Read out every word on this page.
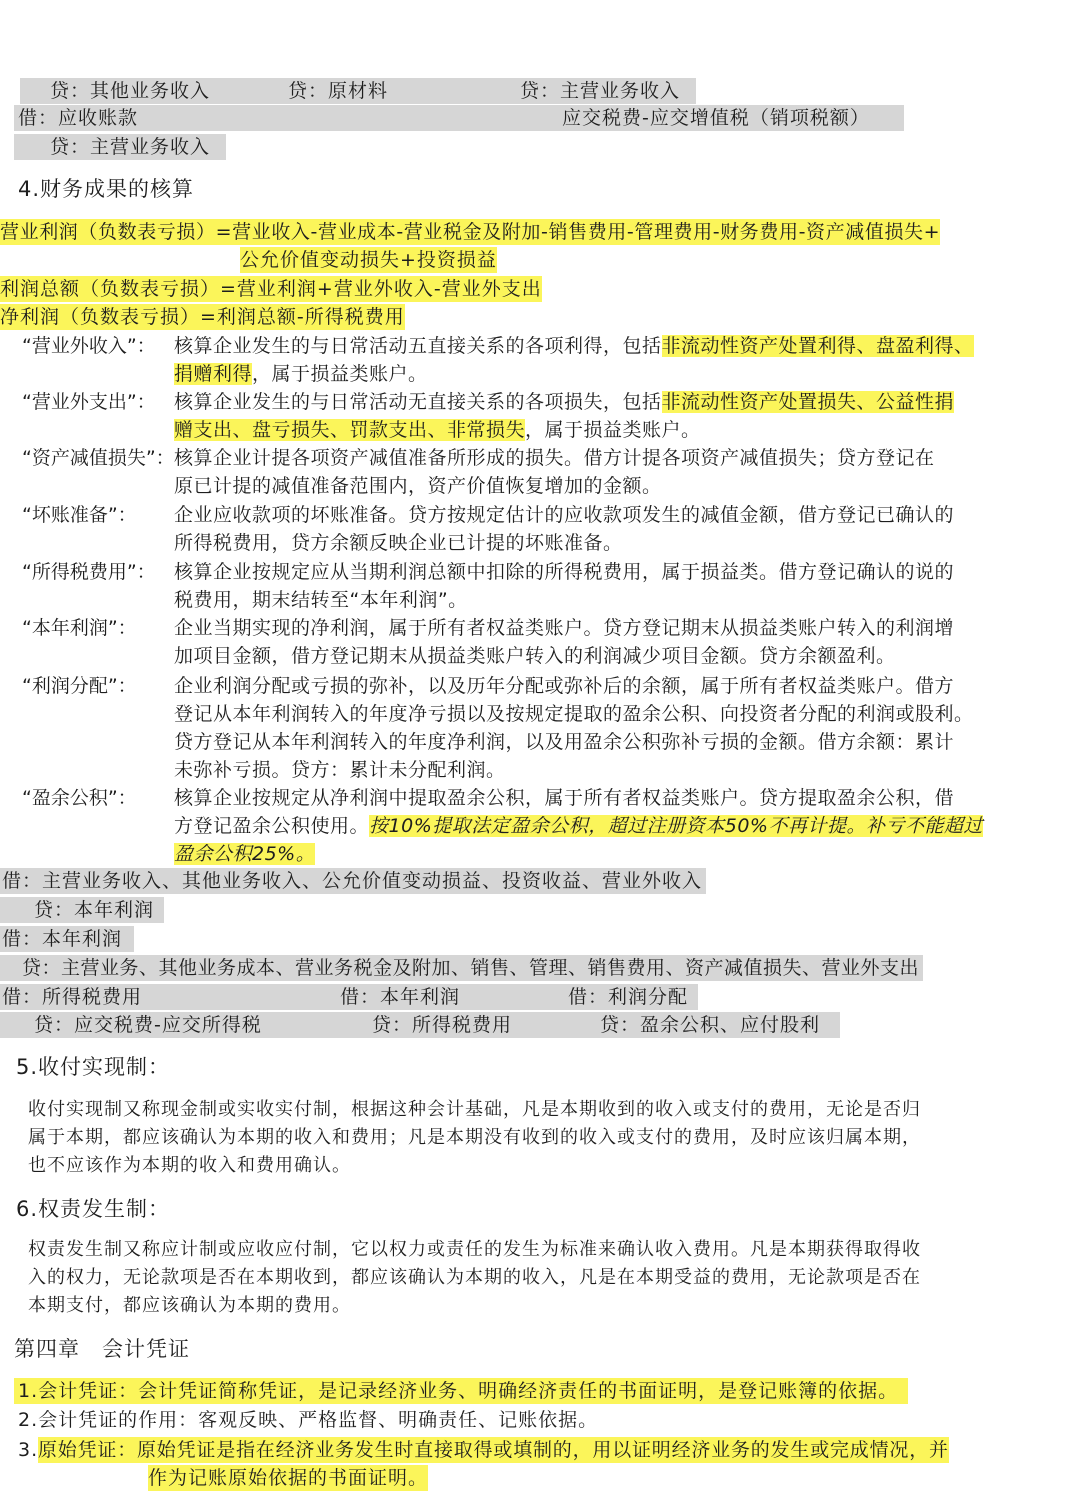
贷：其他业务收入	贷：原材料	贷：主营业务收入
借：应收账款	应交税费-应交增值税（销项税额）
贷：主营业务收入
4.财务成果的核算
营业利润（负数表亏损）=营业收入-营业成本-营业税金及附加-销售费用-管理费用-财务费用-资产减值损失+
公允价值变动损失+投资损益
利润总额（负数表亏损）=营业利润+营业外收入-营业外支出
净利润（负数表亏损）=利润总额-所得税费用
“营业外收入”： 核算企业发生的与日常活动五直接关系的各项利得，包括非流动性资产处置利得、盘盈利得、
捐赠利得，属于损益类账户。
“营业外支出”： 核算企业发生的与日常活动无直接关系的各项损失，包括非流动性资产处置损失、公益性捐
赠支出、盘亏损失、罚款支出、非常损失，属于损益类账户。
“资产减值损失”： 核算企业计提各项资产减值准备所形成的损失。借方计提各项资产减值损失；贷方登记在
原已计提的减值准备范围内，资产价值恢复增加的金额。
“坏账准备”： 企业应收款项的坏账准备。贷方按规定估计的应收款项发生的减值金额，借方登记已确认的
所得税费用，贷方余额反映企业已计提的坏账准备。
“所得税费用”： 核算企业按规定应从当期利润总额中扣除的所得税费用，属于损益类。借方登记确认的说的
税费用，期末结转至“本年利润”。
“本年利润”： 企业当期实现的净利润，属于所有者权益类账户。贷方登记期末从损益类账户转入的利润增
加项目金额，借方登记期末从损益类账户转入的利润减少项目金额。贷方余额盈利。
“利润分配”： 企业利润分配或亏损的弥补，以及历年分配或弥补后的余额，属于所有者权益类账户。借方
登记从本年利润转入的年度净亏损以及按规定提取的盈余公积、向投资者分配的利润或股利。
贷方登记从本年利润转入的年度净利润，以及用盈余公积弥补亏损的金额。借方余额：累计
未弥补亏损。贷方：累计未分配利润。
“盈余公积”： 核算企业按规定从净利润中提取盈余公积，属于所有者权益类账户。贷方提取盈余公积，借
方登记盈余公积使用。按10%提取法定盈余公积，超过注册资本50%不再计提。补亏不能超过
盈余公积25%。
借：主营业务收入、其他业务收入、公允价值变动损益、投资收益、营业外收入
贷：本年利润
借：本年利润
贷：主营业务、其他业务成本、营业务税金及附加、销售、管理、销售费用、资产减值损失、营业外支出
借：所得税费用	借：本年利润	借：利润分配
贷：应交税费-应交所得税	贷：所得税费用	贷：盈余公积、应付股利
5.收付实现制：
收付实现制又称现金制或实收实付制，根据这种会计基础，凡是本期收到的收入或支付的费用，无论是否归
属于本期，都应该确认为本期的收入和费用；凡是本期没有收到的收入或支付的费用，及时应该归属本期，
也不应该作为本期的收入和费用确认。
6.权责发生制：
权责发生制又称应计制或应收应付制，它以权力或责任的发生为标准来确认收入费用。凡是本期获得取得收
入的权力，无论款项是否在本期收到，都应该确认为本期的收入，凡是在本期受益的费用，无论款项是否在
本期支付，都应该确认为本期的费用。
第四章　会计凭证
1.会计凭证：会计凭证简称凭证，是记录经济业务、明确经济责任的书面证明，是登记账簿的依据。
2.会计凭证的作用：客观反映、严格监督、明确责任、记账依据。
3. 原始凭证：原始凭证是指在经济业务发生时直接取得或填制的，用以证明经济业务的发生或完成情况，并
作为记账原始依据的书面证明。
